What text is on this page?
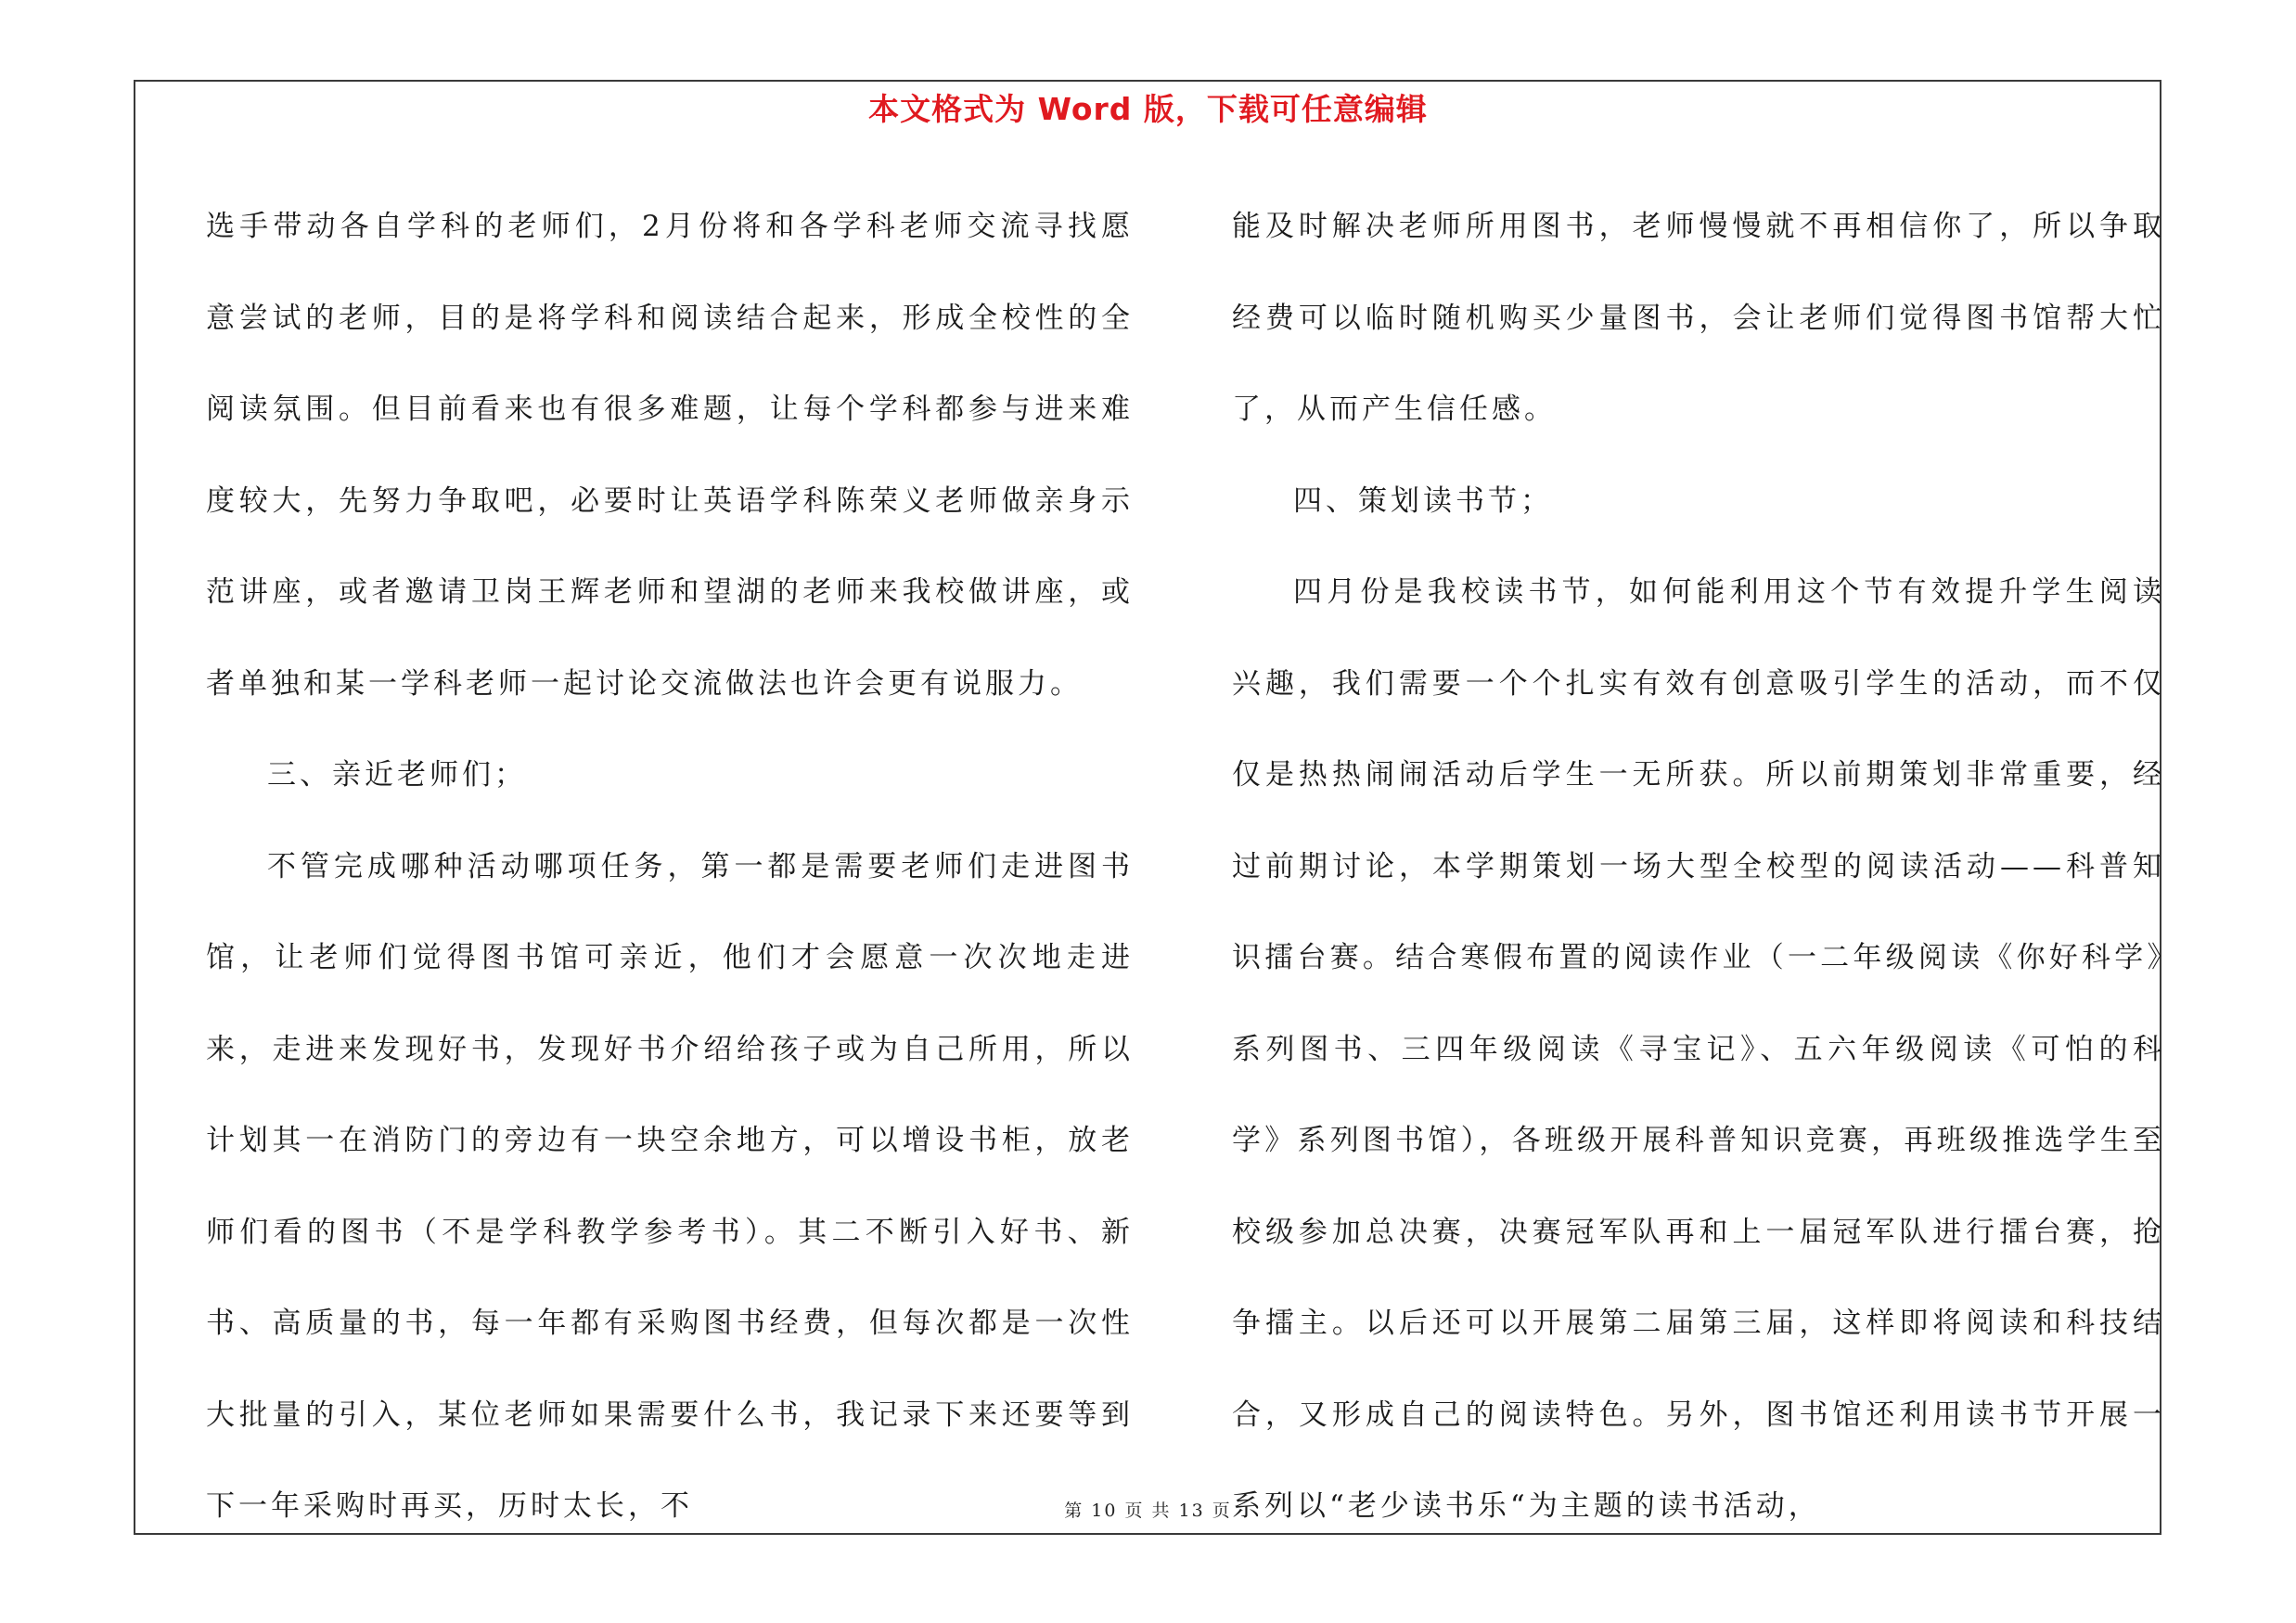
本文格式为 Word 版，下载可任意编辑

选手带动各自学科的老师们，2月份将和各学科老师交流寻找愿意尝试的老师，目的是将学科和阅读结合起来，形成全校性的全阅读氛围。但目前看来也有很多难题，让每个学科都参与进来难度较大，先努力争取吧，必要时让英语学科陈荣义老师做亲身示范讲座，或者邀请卫岗王辉老师和望湖的老师来我校做讲座，或者单独和某一学科老师一起讨论交流做法也许会更有说服力。

三、亲近老师们；

不管完成哪种活动哪项任务，第一都是需要老师们走进图书馆，让老师们觉得图书馆可亲近，他们才会愿意一次次地走进来，走进来发现好书，发现好书介绍给孩子或为自己所用，所以计划其一在消防门的旁边有一块空余地方，可以增设书柜，放老师们看的图书（不是学科教学参考书）。其二不断引入好书、新书、高质量的书，每一年都有采购图书经费，但每次都是一次性大批量的引入，某位老师如果需要什么书，我记录下来还要等到下一年采购时再买，历时太长，不

能及时解决老师所用图书，老师慢慢就不再相信你了，所以争取经费可以临时随机购买少量图书，会让老师们觉得图书馆帮大忙了，从而产生信任感。

四、策划读书节；

四月份是我校读书节，如何能利用这个节有效提升学生阅读兴趣，我们需要一个个扎实有效有创意吸引学生的活动，而不仅仅是热热闹闹活动后学生一无所获。所以前期策划非常重要，经过前期讨论，本学期策划一场大型全校型的阅读活动——科普知识擂台赛。结合寒假布置的阅读作业（一二年级阅读《你好科学》系列图书、三四年级阅读《寻宝记》、五六年级阅读《可怕的科学》系列图书馆），各班级开展科普知识竞赛，再班级推选学生至校级参加总决赛，决赛冠军队再和上一届冠军队进行擂台赛，抢争擂主。以后还可以开展第二届第三届，这样即将阅读和科技结合，又形成自己的阅读特色。另外，图书馆还利用读书节开展一系列以“老少读书乐“为主题的读书活动，

第 10 页 共 13 页
